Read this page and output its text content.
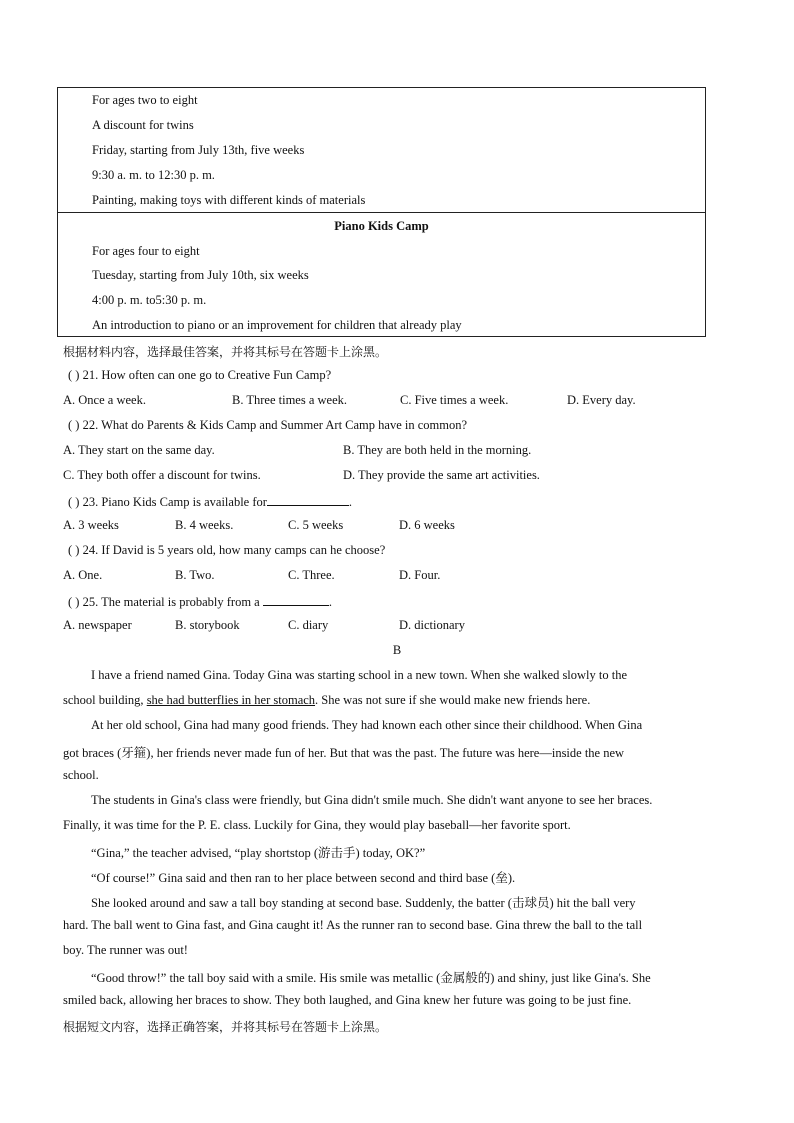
For ages two to eight
A discount for twins
Friday, starting from July 13th, five weeks
9:30 a. m. to 12:30 p. m.
Painting, making toys with different kinds of materials
Piano Kids Camp
For ages four to eight
Tuesday, starting from July 10th, six weeks
4:00 p. m. to5:30 p. m.
An introduction to piano or an improvement for children that already play
根据材料内容，选择最佳答案，并将其标号在答题卡上涂黑。
( ) 21. How often can one go to Creative Fun Camp?
A. Once a week.	B. Three times a week.	C. Five times a week.	D. Every day.
( ) 22. What do Parents & Kids Camp and Summer Art Camp have in common?
A. They start on the same day.	B. They are both held in the morning.
C. They both offer a discount for twins.	D. They provide the same art activities.
( ) 23. Piano Kids Camp is available for	.
A. 3 weeks	B. 4 weeks.	C. 5 weeks	D. 6 weeks
( ) 24. If David is 5 years old, how many camps can he choose?
A. One.	B. Two.	C. Three.	D. Four.
( ) 25. The material is probably from a	.
A. newspaper	B. storybook	C. diary	D. dictionary
B
I have a friend named Gina. Today Gina was starting school in a new town. When she walked slowly to the
school building, she had butterflies in her stomach. She was not sure if she would make new friends here.
At her old school, Gina had many good friends. They had known each other since their childhood. When Gina
got braces (牙箍), her friends never made fun of her. But that was the past. The future was here—inside the new
school.
The students in Gina's class were friendly, but Gina didn't smile much. She didn't want anyone to see her braces.
Finally, it was time for the P. E. class. Luckily for Gina, they would play baseball—her favorite sport.
“Gina,” the teacher advised, “play shortstop (游击手) today, OK?”
“Of course!” Gina said and then ran to her place between second and third base (垒).
She looked around and saw a tall boy standing at second base. Suddenly, the batter (击球员) hit the ball very
hard. The ball went to Gina fast, and Gina caught it! As the runner ran to second base. Gina threw the ball to the tall
boy. The runner was out!
“Good throw!” the tall boy said with a smile. His smile was metallic (金属般的) and shiny, just like Gina's. She
smiled back, allowing her braces to show. They both laughed, and Gina knew her future was going to be just fine.
根据短文内容，选择正确答案，并将其标号在答题卡上涂黑。
